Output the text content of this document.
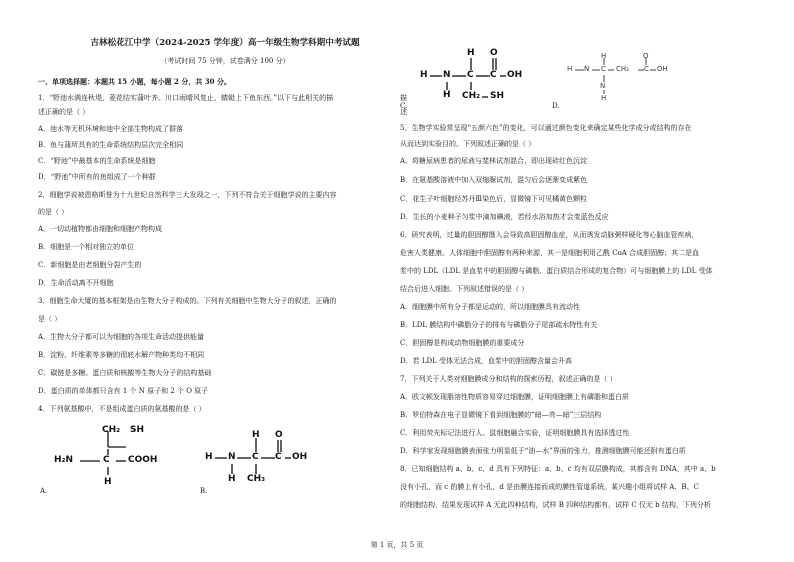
吉林松花江中学（2024-2025 学年度）高一年级生物学科期中考试题
（考试时间 75 分钟，试卷满分 100 分）
一、单项选择题：本题共 15 小题，每小题 2 分，共 30 分。
1．“野池水满连秋堤，菱花结实蒲叶齐。川口雨晴风复止，蜻蜓上下鱼东西。”以下与此相关的描
述正确的是（ ）
A．池水等无机环境和池中全部生物构成了群落
B．鱼与蒲所具有的生命系统结构层次完全相同
C．“野池”中最基本的生命系统是细胞
D．“野池”中所有的鱼组成了一个种群
2．细胞学说被恩格斯誉为十九世纪自然科学三大发现之一，下列不符合关于细胞学说的主要内容
的是（ ）
A．一切动植物都由细胞和细胞产物构成
B．细胞是一个相对独立的单位
C．新细胞是由老细胞分裂产生的
D．生命活动离不开细胞
3．细胞生命大厦的基本框架是由生物大分子构成的。下列有关细胞中生物大分子的叙述，正确的
是（ ）
A．生物大分子都可以为细胞的各项生命活动提供能量
B．淀粉、纤维素等多糖的彻底水解产物种类均不相同
C．碳链是多糖、蛋白质和核酸等生物大分子的结构基础
D．蛋白质的单体都只含有 1 个 N 原子和 2 个 O 原子
4．下列氨基酸中，不是组成蛋白质的氨基酸的是（ ）
CH₂ SH
H₂N	C COOH
H
A.
H N C C OH
H
H
CH₃
O
B.
H N C C OH
H
H
CH₂ SH
O
H N C CH₂ C OH
H
N
H
O
描
述
C.	D.
5．生物学实验常呈现“五颜六色”的变化，可以通过颜色变化来确定某些化学成分或结构的存在
从而达到实验目的。下列叙述正确的是（ ）
A．将糖尿病患者的尿液与斐林试剂混合，即出现砖红色沉淀
B．在氨基酸溶液中加入双缩脲试剂，混匀后会逐渐变成紫色
C．花生子叶细胞经苏丹Ⅲ染色后，显微镜下可见橘黄色颗粒
D．生长的小麦种子匀浆中滴加碘液，若经水浴加热才会变蓝色反应
6．研究表明，过量的胆固醇摄入会导致高胆固醇血症，从而诱发动脉粥样硬化等心脑血管疾病，
危害人类健康。人体细胞中胆固醇有两种来源，其一是细胞利用乙酰 CoA 合成胆固醇；其二是血
浆中的 LDL（LDL 是血浆中的胆固醇与磷脂、蛋白质结合形成的复合物）可与细胞膜上的 LDL 受体
结合后进入细胞。下列叙述错误的是（ ）
A．细胞膜中所有分子都是运动的，所以细胞膜具有流动性
B．LDL 膜结构中磷脂分子的排布与磷脂分子尾部疏水特性有关
C．胆固醇是构成动物细胞膜的重要成分
D．若 LDL 受体无法合成，血浆中的胆固醇含量会升高
7．下列关于人类对细胞膜成分和结构的探索历程，叙述正确的是（ ）
A．欧文顿发现脂溶性物质容易穿过细胞膜，证明细胞膜上有磷脂和蛋白质
B．罗伯特森在电子显微镜下看到细胞膜的“暗—亮—暗”三层结构
C．利用荧光标记法进行人、鼠细胞融合实验，证明细胞膜具有选择透过性
D．科学家发现细胞膜表面张力明显低于“油—水”界面的张力，推测细胞膜可能还附有蛋白质
8．已知细胞结构 a、b、c、d 具有下列特征：a、b、c 均有双层膜构成，其都含有 DNA，其中 a、b
没有小孔，而 c 的膜上有小孔，d 是由膜连接而成的膜性管道系统。某兴趣小组将试样 A、B、C
的细胞结构，结果发现试样 A 无此四种结构，试样 B 四种结构都有，试样 C 仅无 b 结构，下列分析
第 1 页，共 5 页
